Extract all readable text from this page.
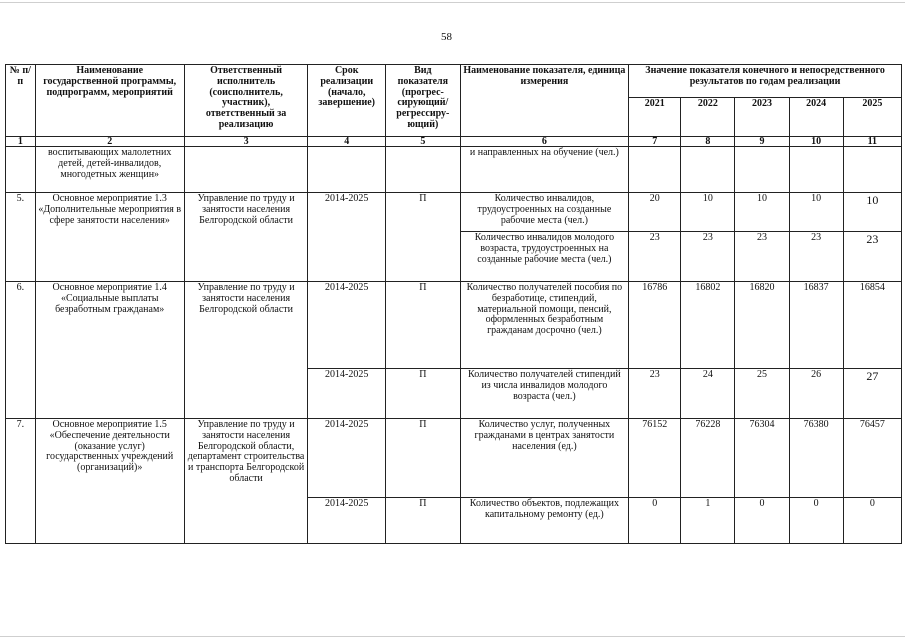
58
№ п/п	Наименование государственной программы, подпрограмм, мероприятий	Ответственный исполнитель (соисполнитель, участник), ответственный за реализацию	Срок реализации (начало, завершение)	Вид показателя (прогрес-сирующий/ регрессиру-ющий)	Наименование показателя, единица измерения	Значение показателя конечного и непосредственного результатов по годам реализации				
						2021	2022	2023	2024	2025
1	2	3	4	5	6	7	8	9	10	11
	воспитывающих малолетних детей, детей-инвалидов, многодетных женщин»				и направленных на обучение (чел.)					
5.	Основное мероприятие 1.3 «Дополнительные мероприятия в сфере занятости населения»	Управление по труду и занятости населения Белгородской области	2014-2025	П	Количество инвалидов, трудоустроенных на созданные рабочие места (чел.)	20	10	10	10	10
					Количество инвалидов молодого возраста, трудоустроенных на созданные рабочие места (чел.)	23	23	23	23	23
6.	Основное мероприятие 1.4 «Социальные выплаты безработным гражданам»	Управление по труду и занятости населения Белгородской области	2014-2025	П	Количество получателей пособия по безработице, стипендий, материальной помощи, пенсий, оформленных безработным гражданам досрочно (чел.)	16786	16802	16820	16837	16854
			2014-2025	П	Количество получателей стипендий из числа инвалидов молодого возраста (чел.)	23	24	25	26	27
7.	Основное мероприятие 1.5 «Обеспечение деятельности (оказание услуг) государственных учреждений (организаций)»	Управление по труду и занятости населения Белгородской области, департамент строительства и транспорта Белгородской области	2014-2025	П	Количество услуг, полученных гражданами в центрах занятости населения (ед.)	76152	76228	76304	76380	76457
			2014-2025	П	Количество объектов, подлежащих капитальному ремонту (ед.)	0	1	0	0	0
